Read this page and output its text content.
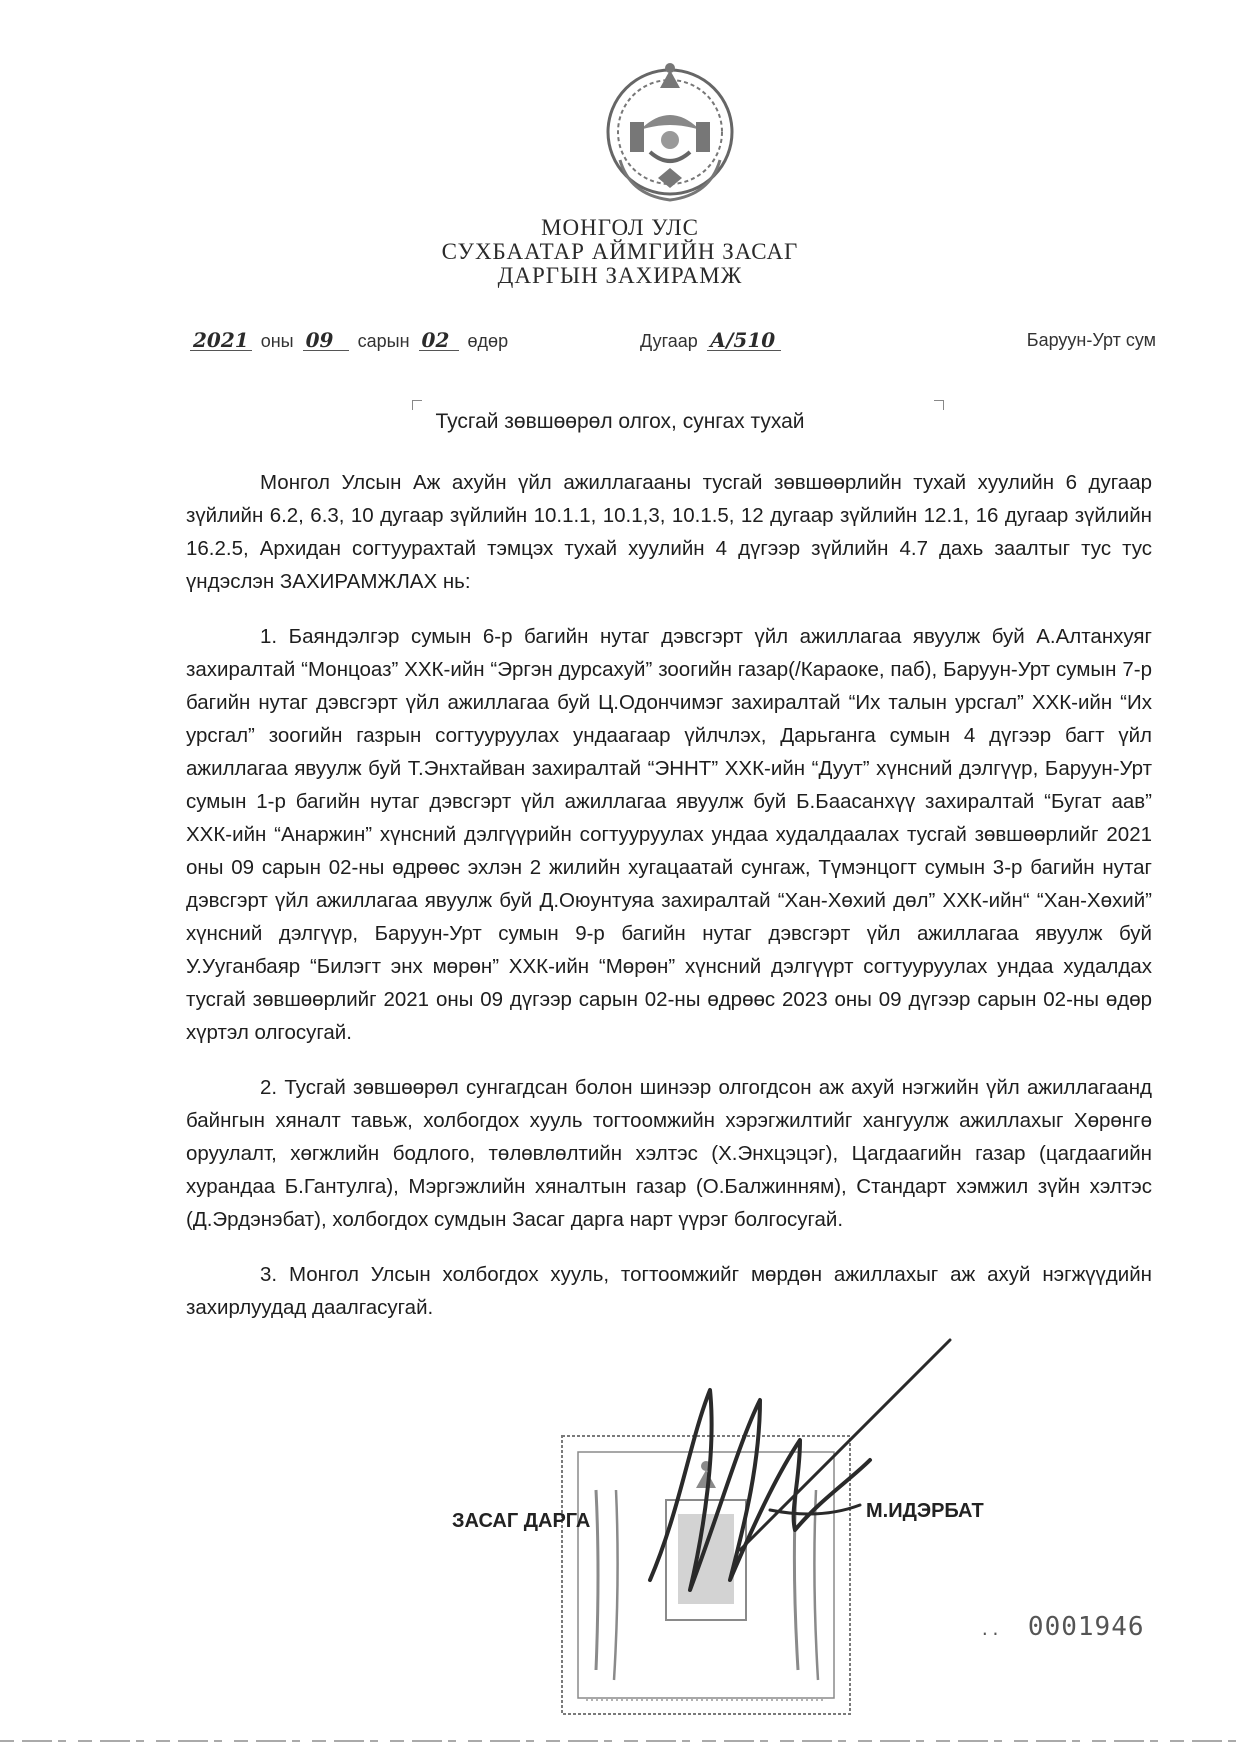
МОНГОЛ УЛС
СУХБААТАР АЙМГИЙН ЗАСАГ
ДАРГЫН ЗАХИРАМЖ
2021 оны 09 сарын 02 өдөр	Дугаар А/510	Баруун-Урт сум
Тусгай зөвшөөрөл олгох, сунгах тухай

Монгол Улсын Аж ахуйн үйл ажиллагааны тусгай зөвшөөрлийн тухай хуулийн 6 дугаар зүйлийн 6.2, 6.3, 10 дугаар зүйлийн 10.1.1, 10.1,3, 10.1.5, 12 дугаар зүйлийн 12.1, 16 дугаар зүйлийн 16.2.5, Архидан согтуурахтай тэмцэх тухай хуулийн 4 дүгээр зүйлийн 4.7 дахь заалтыг тус тус үндэслэн ЗАХИРАМЖЛАХ нь:

1. Баяндэлгэр сумын 6-р багийн нутаг дэвсгэрт үйл ажиллагаа явуулж буй А.Алтанхуяг захиралтай “Монцоаз” ХХК-ийн “Эргэн дурсахуй” зоогийн газар(/Караоке, паб), Баруун-Урт сумын 7-р багийн нутаг дэвсгэрт үйл ажиллагаа буй Ц.Одончимэг захиралтай “Их талын урсгал” ХХК-ийн “Их урсгал” зоогийн газрын согтууруулах ундаагаар үйлчлэх, Дарьганга сумын 4 дүгээр багт үйл ажиллагаа явуулж буй Т.Энхтайван захиралтай “ЭННТ” ХХК-ийн “Дуут” хүнсний дэлгүүр, Баруун-Урт сумын 1-р багийн нутаг дэвсгэрт үйл ажиллагаа явуулж буй Б.Баасанхүү захиралтай “Бугат аав” ХХК-ийн “Анаржин” хүнсний дэлгүүрийн согтууруулах ундаа худалдаалах тусгай зөвшөөрлийг 2021 оны 09 сарын 02-ны өдрөөс эхлэн 2 жилийн хугацаатай сунгаж, Түмэнцогт сумын 3-р багийн нутаг дэвсгэрт үйл ажиллагаа явуулж буй Д.Оюунтуяа захиралтай “Хан-Хөхий дөл” ХХК-ийн“ “Хан-Хөхий” хүнсний дэлгүүр, Баруун-Урт сумын 9-р багийн нутаг дэвсгэрт үйл ажиллагаа явуулж буй У.Ууганбаяр “Билэгт энх мөрөн” ХХК-ийн “Мөрөн” хүнсний дэлгүүрт согтууруулах ундаа худалдах тусгай зөвшөөрлийг 2021 оны 09 дүгээр сарын 02-ны өдрөөс 2023 оны 09 дүгээр сарын 02-ны өдөр хүртэл олгосугай.

2. Тусгай зөвшөөрөл сунгагдсан болон шинээр олгогдсон аж ахуй нэгжийн үйл ажиллагаанд байнгын хяналт тавьж, холбогдох хууль тогтоомжийн хэрэгжилтийг хангуулж ажиллахыг Хөрөнгө оруулалт, хөгжлийн бодлого, төлөвлөлтийн хэлтэс (Х.Энхцэцэг), Цагдаагийн газар (цагдаагийн хурандаа Б.Гантулга), Мэргэжлийн хяналтын газар (О.Балжинням), Стандарт хэмжил зүйн хэлтэс (Д.Эрдэнэбат), холбогдох сумдын Засаг дарга нарт үүрэг болгосугай.

3. Монгол Улсын холбогдох хууль, тогтоомжийг мөрдөн ажиллахыг аж ахуй нэгжүүдийн захирлуудад даалгасугай.

ЗАСАГ ДАРГА	М.ИДЭРБАТ
.. 0001946
